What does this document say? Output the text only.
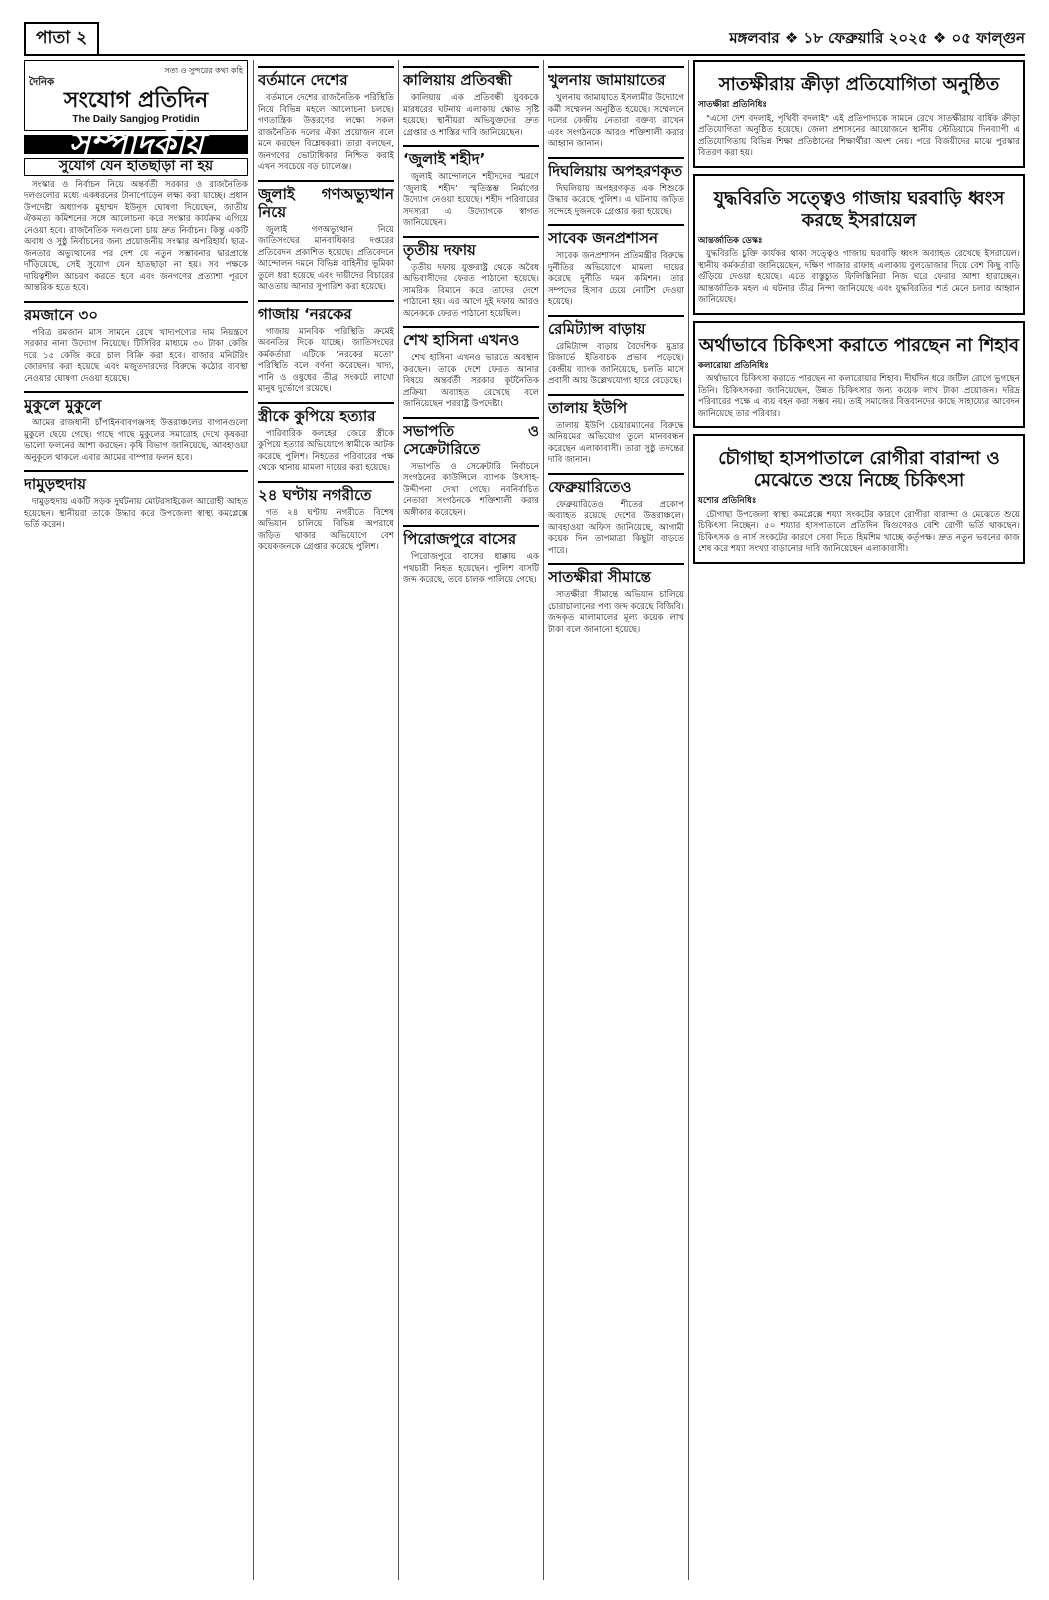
পাতা ২	মঙ্গলবার ❖ ১৮ ফেব্রুয়ারি ২০২৫ ❖ ০৫ ফাল্গুন
সত্য ও সুন্দরের কথা কহি
দৈনিক
সংযোগ প্রতিদিন
The Daily Sangjog Protidin
সম্পাদকীয়
সুযোগ যেন হাতছাড়া না হয়

সংস্কার ও নির্বাচন নিয়ে অন্তর্বর্তী সরকার ও রাজনৈতিক দলগুলোর মধ্যে একধরনের টানাপোড়েন লক্ষ্য করা যাচ্ছে। প্রধান উপদেষ্টা অধ্যাপক মুহাম্মদ ইউনূস ঘোষণা দিয়েছেন, জাতীয় ঐকমত্য কমিশনের সঙ্গে আলোচনা করে সংস্কার কার্যক্রম এগিয়ে নেওয়া হবে। রাজনৈতিক দলগুলো চায় দ্রুত নির্বাচন। কিন্তু একটি অবাধ ও সুষ্ঠু নির্বাচনের জন্য প্রয়োজনীয় সংস্কার অপরিহার্য। ছাত্র-জনতার অভ্যুত্থানের পর দেশ যে নতুন সম্ভাবনার দ্বারপ্রান্তে দাঁড়িয়েছে, সেই সুযোগ যেন হাতছাড়া না হয়। সব পক্ষকে দায়িত্বশীল আচরণ করতে হবে এবং জনগণের প্রত্যাশা পূরণে আন্তরিক হতে হবে।

রমজানে ৩০

পবিত্র রমজান মাস সামনে রেখে খাদ্যপণ্যের দাম নিয়ন্ত্রণে সরকার নানা উদ্যোগ নিয়েছে। টিসিবির মাধ্যমে ৩০ টাকা কেজি দরে ১৫ কেজি করে চাল বিক্রি করা হবে। বাজার মনিটরিং জোরদার করা হয়েছে এবং মজুতদারদের বিরুদ্ধে কঠোর ব্যবস্থা নেওয়ার ঘোষণা দেওয়া হয়েছে।

মুকুলে মুকুলে

আমের রাজধানী চাঁপাইনবাবগঞ্জসহ উত্তরাঞ্চলের বাগানগুলো মুকুলে ছেয়ে গেছে। গাছে গাছে মুকুলের সমারোহ দেখে কৃষকরা ভালো ফলনের আশা করছেন। কৃষি বিভাগ জানিয়েছে, আবহাওয়া অনুকূলে থাকলে এবার আমের বাম্পার ফলন হবে।

দামুড়হুদায়

দামুড়হুদায় একটি সড়ক দুর্ঘটনায় মোটরসাইকেল আরোহী আহত হয়েছেন। স্থানীয়রা তাকে উদ্ধার করে উপজেলা স্বাস্থ্য কমপ্লেক্সে ভর্তি করেন।

বর্তমানে দেশের

বর্তমানে দেশের রাজনৈতিক পরিস্থিতি নিয়ে বিভিন্ন মহলে আলোচনা চলছে। গণতান্ত্রিক উত্তরণের লক্ষ্যে সকল রাজনৈতিক দলের ঐক্য প্রয়োজন বলে মনে করছেন বিশ্লেষকরা। তারা বলছেন, জনগণের ভোটাধিকার নিশ্চিত করাই এখন সবচেয়ে বড় চ্যালেঞ্জ।

জুলাই গণঅভ্যুত্থান নিয়ে

জুলাই গণঅভ্যুত্থান নিয়ে জাতিসংঘের মানবাধিকার দপ্তরের প্রতিবেদন প্রকাশিত হয়েছে। প্রতিবেদনে আন্দোলন দমনে বিভিন্ন বাহিনীর ভূমিকা তুলে ধরা হয়েছে এবং দায়ীদের বিচারের আওতায় আনার সুপারিশ করা হয়েছে।

গাজায় ‘নরকের

গাজায় মানবিক পরিস্থিতি ক্রমেই অবনতির দিকে যাচ্ছে। জাতিসংঘের কর্মকর্তারা এটিকে ‘নরকের মতো’ পরিস্থিতি বলে বর্ণনা করেছেন। খাদ্য, পানি ও ওষুধের তীব্র সংকটে লাখো মানুষ দুর্ভোগে রয়েছে।

স্ত্রীকে কুপিয়ে হত্যার

পারিবারিক কলহের জেরে স্ত্রীকে কুপিয়ে হত্যার অভিযোগে স্বামীকে আটক করেছে পুলিশ। নিহতের পরিবারের পক্ষ থেকে থানায় মামলা দায়ের করা হয়েছে।

২৪ ঘণ্টায় নগরীতে

গত ২৪ ঘণ্টায় নগরীতে বিশেষ অভিযান চালিয়ে বিভিন্ন অপরাধে জড়িত থাকার অভিযোগে বেশ কয়েকজনকে গ্রেপ্তার করেছে পুলিশ।

কালিয়ায় প্রতিবন্ধী

কালিয়ায় এক প্রতিবন্ধী যুবককে মারধরের ঘটনায় এলাকায় ক্ষোভ সৃষ্টি হয়েছে। স্থানীয়রা অভিযুক্তদের দ্রুত গ্রেপ্তার ও শাস্তির দাবি জানিয়েছেন।

‘জুলাই শহীদ’

জুলাই আন্দোলনে শহীদদের স্মরণে ‘জুলাই শহীদ’ স্মৃতিস্তম্ভ নির্মাণের উদ্যোগ নেওয়া হয়েছে। শহীদ পরিবারের সদস্যরা এ উদ্যোগকে স্বাগত জানিয়েছেন।

তৃতীয় দফায়

তৃতীয় দফায় যুক্তরাষ্ট্র থেকে অবৈধ অভিবাসীদের ফেরত পাঠানো হয়েছে। সামরিক বিমানে করে তাদের দেশে পাঠানো হয়। এর আগে দুই দফায় আরও অনেককে ফেরত পাঠানো হয়েছিল।

শেখ হাসিনা এখনও

শেখ হাসিনা এখনও ভারতে অবস্থান করছেন। তাকে দেশে ফেরত আনার বিষয়ে অন্তর্বর্তী সরকার কূটনৈতিক প্রক্রিয়া অব্যাহত রেখেছে বলে জানিয়েছেন পররাষ্ট্র উপদেষ্টা।

সভাপতি ও সেক্রেটারিতে

সভাপতি ও সেক্রেটারি নির্বাচনে সংগঠনের কাউন্সিলে ব্যাপক উৎসাহ-উদ্দীপনা দেখা গেছে। নবনির্বাচিত নেতারা সংগঠনকে শক্তিশালী করার অঙ্গীকার করেছেন।

পিরোজপুরে বাসের

পিরোজপুরে বাসের ধাক্কায় এক পথচারী নিহত হয়েছেন। পুলিশ বাসটি জব্দ করেছে, তবে চালক পালিয়ে গেছে।

খুলনায় জামায়াতের

খুলনায় জামায়াতে ইসলামীর উদ্যোগে কর্মী সম্মেলন অনুষ্ঠিত হয়েছে। সম্মেলনে দলের কেন্দ্রীয় নেতারা বক্তব্য রাখেন এবং সংগঠনকে আরও শক্তিশালী করার আহ্বান জানান।

দিঘলিয়ায় অপহরণকৃত

দিঘলিয়ায় অপহরণকৃত এক শিশুকে উদ্ধার করেছে পুলিশ। এ ঘটনায় জড়িত সন্দেহে দুজনকে গ্রেপ্তার করা হয়েছে।

সাবেক জনপ্রশাসন

সাবেক জনপ্রশাসন প্রতিমন্ত্রীর বিরুদ্ধে দুর্নীতির অভিযোগে মামলা দায়ের করেছে দুর্নীতি দমন কমিশন। তার সম্পদের হিসাব চেয়ে নোটিশ দেওয়া হয়েছে।

রেমিট্যান্স বাড়ায়

রেমিট্যান্স বাড়ায় বৈদেশিক মুদ্রার রিজার্ভে ইতিবাচক প্রভাব পড়েছে। কেন্দ্রীয় ব্যাংক জানিয়েছে, চলতি মাসে প্রবাসী আয় উল্লেখযোগ্য হারে বেড়েছে।

তালায় ইউপি

তালায় ইউপি চেয়ারম্যানের বিরুদ্ধে অনিয়মের অভিযোগ তুলে মানববন্ধন করেছেন এলাকাবাসী। তারা সুষ্ঠু তদন্তের দাবি জানান।

ফেব্রুয়ারিতেও

ফেব্রুয়ারিতেও শীতের প্রকোপ অব্যাহত রয়েছে দেশের উত্তরাঞ্চলে। আবহাওয়া অফিস জানিয়েছে, আগামী কয়েক দিন তাপমাত্রা কিছুটা বাড়তে পারে।

সাতক্ষীরা সীমান্তে

সাতক্ষীরা সীমান্তে অভিযান চালিয়ে চোরাচালানের পণ্য জব্দ করেছে বিজিবি। জব্দকৃত মালামালের মূল্য কয়েক লাখ টাকা বলে জানানো হয়েছে।

সাতক্ষীরায় ক্রীড়া প্রতিযোগিতা অনুষ্ঠিত
সাতক্ষীরা প্রতিনিধিঃ

"এসো দেশ বদলাই, পৃথিবী বদলাই" এই প্রতিপাদ্যকে সামনে রেখে সাতক্ষীরায় বার্ষিক ক্রীড়া প্রতিযোগিতা অনুষ্ঠিত হয়েছে। জেলা প্রশাসনের আয়োজনে স্থানীয় স্টেডিয়ামে দিনব্যাপী এ প্রতিযোগিতায় বিভিন্ন শিক্ষা প্রতিষ্ঠানের শিক্ষার্থীরা অংশ নেয়। পরে বিজয়ীদের মাঝে পুরস্কার বিতরণ করা হয়।

যুদ্ধবিরতি সত্ত্বেও গাজায় ঘরবাড়ি ধ্বংস করছে ইসরায়েল
আন্তর্জাতিক ডেস্কঃ

যুদ্ধবিরতি চুক্তি কার্যকর থাকা সত্ত্বেও গাজায় ঘরবাড়ি ধ্বংস অব্যাহত রেখেছে ইসরায়েল। স্থানীয় কর্মকর্তারা জানিয়েছেন, দক্ষিণ গাজার রাফাহ এলাকায় বুলডোজার দিয়ে বেশ কিছু বাড়ি গুঁড়িয়ে দেওয়া হয়েছে। এতে বাস্তুচ্যুত ফিলিস্তিনিরা নিজ ঘরে ফেরার আশা হারাচ্ছেন। আন্তর্জাতিক মহল এ ঘটনার তীব্র নিন্দা জানিয়েছে এবং যুদ্ধবিরতির শর্ত মেনে চলার আহ্বান জানিয়েছে।

অর্থাভাবে চিকিৎসা করাতে পারছেন না শিহাব
কলারোয়া প্রতিনিধিঃ

অর্থাভাবে চিকিৎসা করাতে পারছেন না কলারোয়ার শিহাব। দীর্ঘদিন ধরে জটিল রোগে ভুগছেন তিনি। চিকিৎসকরা জানিয়েছেন, উন্নত চিকিৎসার জন্য কয়েক লাখ টাকা প্রয়োজন। দরিদ্র পরিবারের পক্ষে এ ব্যয় বহন করা সম্ভব নয়। তাই সমাজের বিত্তবানদের কাছে সাহায্যের আবেদন জানিয়েছে তার পরিবার।

চৌগাছা হাসপাতালে রোগীরা বারান্দা ও মেঝেতে শুয়ে নিচ্ছে চিকিৎসা
যশোর প্রতিনিধিঃ

চৌগাছা উপজেলা স্বাস্থ্য কমপ্লেক্সে শয্যা সংকটের কারণে রোগীরা বারান্দা ও মেঝেতে শুয়ে চিকিৎসা নিচ্ছেন। ৫০ শয্যার হাসপাতালে প্রতিদিন দ্বিগুণেরও বেশি রোগী ভর্তি থাকছেন। চিকিৎসক ও নার্স সংকটের কারণে সেবা দিতে হিমশিম খাচ্ছে কর্তৃপক্ষ। দ্রুত নতুন ভবনের কাজ শেষ করে শয্যা সংখ্যা বাড়ানোর দাবি জানিয়েছেন এলাকাবাসী।
